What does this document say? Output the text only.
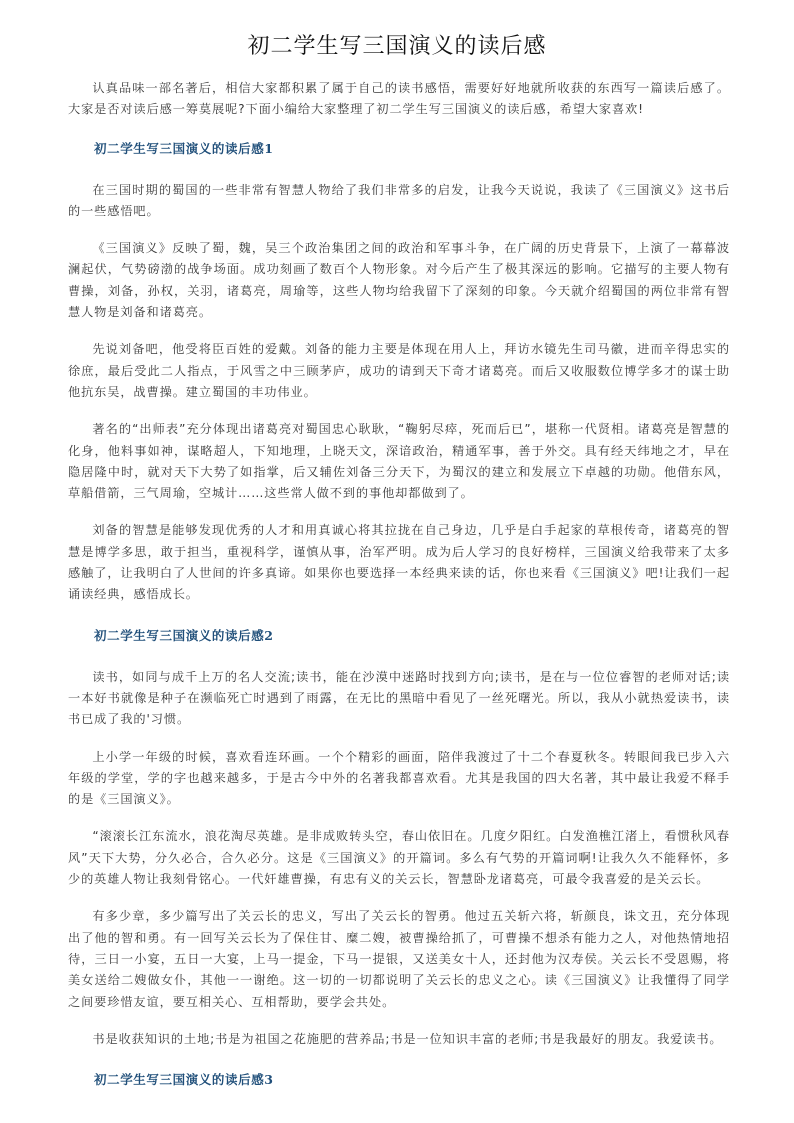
初二学生写三国演义的读后感

认真品味一部名著后，相信大家都积累了属于自己的读书感悟，需要好好地就所收获的东西写一篇读后感了。大家是否对读后感一筹莫展呢?下面小编给大家整理了初二学生写三国演义的读后感，希望大家喜欢!

初二学生写三国演义的读后感1

在三国时期的蜀国的一些非常有智慧人物给了我们非常多的启发，让我今天说说，我读了《三国演义》这书后的一些感悟吧。

《三国演义》反映了蜀，魏，吴三个政治集团之间的政治和军事斗争，在广阔的历史背景下，上演了一幕幕波澜起伏，气势磅渤的战争场面。成功刻画了数百个人物形象。对今后产生了极其深远的影响。它描写的主要人物有曹操，刘备，孙权，关羽，诸葛亮，周瑜等，这些人物均给我留下了深刻的印象。今天就介绍蜀国的两位非常有智慧人物是刘备和诸葛亮。

先说刘备吧，他受将臣百姓的爱戴。刘备的能力主要是体现在用人上，拜访水镜先生司马徽，进而辛得忠实的徐庶，最后受此二人指点，于风雪之中三顾茅庐，成功的请到天下奇才诸葛亮。而后又收服数位博学多才的谋士助他抗东吴，战曹操。建立蜀国的丰功伟业。

著名的“出师表”充分体现出诸葛亮对蜀国忠心耿耿，“鞠躬尽瘁，死而后已”，堪称一代贤相。诸葛亮是智慧的化身，他料事如神，谋略超人，下知地理，上晓天文，深谙政治，精通军事，善于外交。具有经天纬地之才，早在隐居隆中时，就对天下大势了如指掌，后又辅佐刘备三分天下，为蜀汉的建立和发展立下卓越的功勋。他借东风，草船借箭，三气周瑜，空城计……这些常人做不到的事他却都做到了。

刘备的智慧是能够发现优秀的人才和用真诚心将其拉拢在自己身边，几乎是白手起家的草根传奇，诸葛亮的智慧是博学多思，敢于担当，重视科学，谨慎从事，治军严明。成为后人学习的良好榜样，三国演义给我带来了太多感触了，让我明白了人世间的许多真谛。如果你也要选择一本经典来读的话，你也来看《三国演义》吧!让我们一起诵读经典，感悟成长。

初二学生写三国演义的读后感2

读书，如同与成千上万的名人交流;读书，能在沙漠中迷路时找到方向;读书，是在与一位位睿智的老师对话;读一本好书就像是种子在濒临死亡时遇到了雨露，在无比的黑暗中看见了一丝死曙光。所以，我从小就热爱读书，读书已成了我的'习惯。

上小学一年级的时候，喜欢看连环画。一个个精彩的画面，陪伴我渡过了十二个春夏秋冬。转眼间我已步入六年级的学堂，学的字也越来越多，于是古今中外的名著我都喜欢看。尤其是我国的四大名著，其中最让我爱不释手的是《三国演义》。

“滚滚长江东流水，浪花淘尽英雄。是非成败转头空，春山依旧在。几度夕阳红。白发渔樵江渚上，看惯秋风春风”天下大势，分久必合，合久必分。这是《三国演义》的开篇词。多么有气势的开篇词啊!让我久久不能释怀，多少的英雄人物让我刻骨铭心。一代奸雄曹操，有忠有义的关云长，智慧卧龙诸葛亮，可最令我喜爱的是关云长。

有多少章，多少篇写出了关云长的忠义，写出了关云长的智勇。他过五关斩六将，斩颜良，诛文丑，充分体现出了他的智和勇。有一回写关云长为了保住甘、糜二嫂，被曹操给抓了，可曹操不想杀有能力之人，对他热情地招待，三日一小宴，五日一大宴，上马一提金，下马一提银，又送美女十人，还封他为汉寿侯。关云长不受恩赐，将美女送给二嫂做女仆，其他一一谢绝。这一切的一切都说明了关云长的忠义之心。读《三国演义》让我懂得了同学之间要珍惜友谊，要互相关心、互相帮助，要学会共处。

书是收获知识的土地;书是为祖国之花施肥的营养品;书是一位知识丰富的老师;书是我最好的朋友。我爱读书。

初二学生写三国演义的读后感3
